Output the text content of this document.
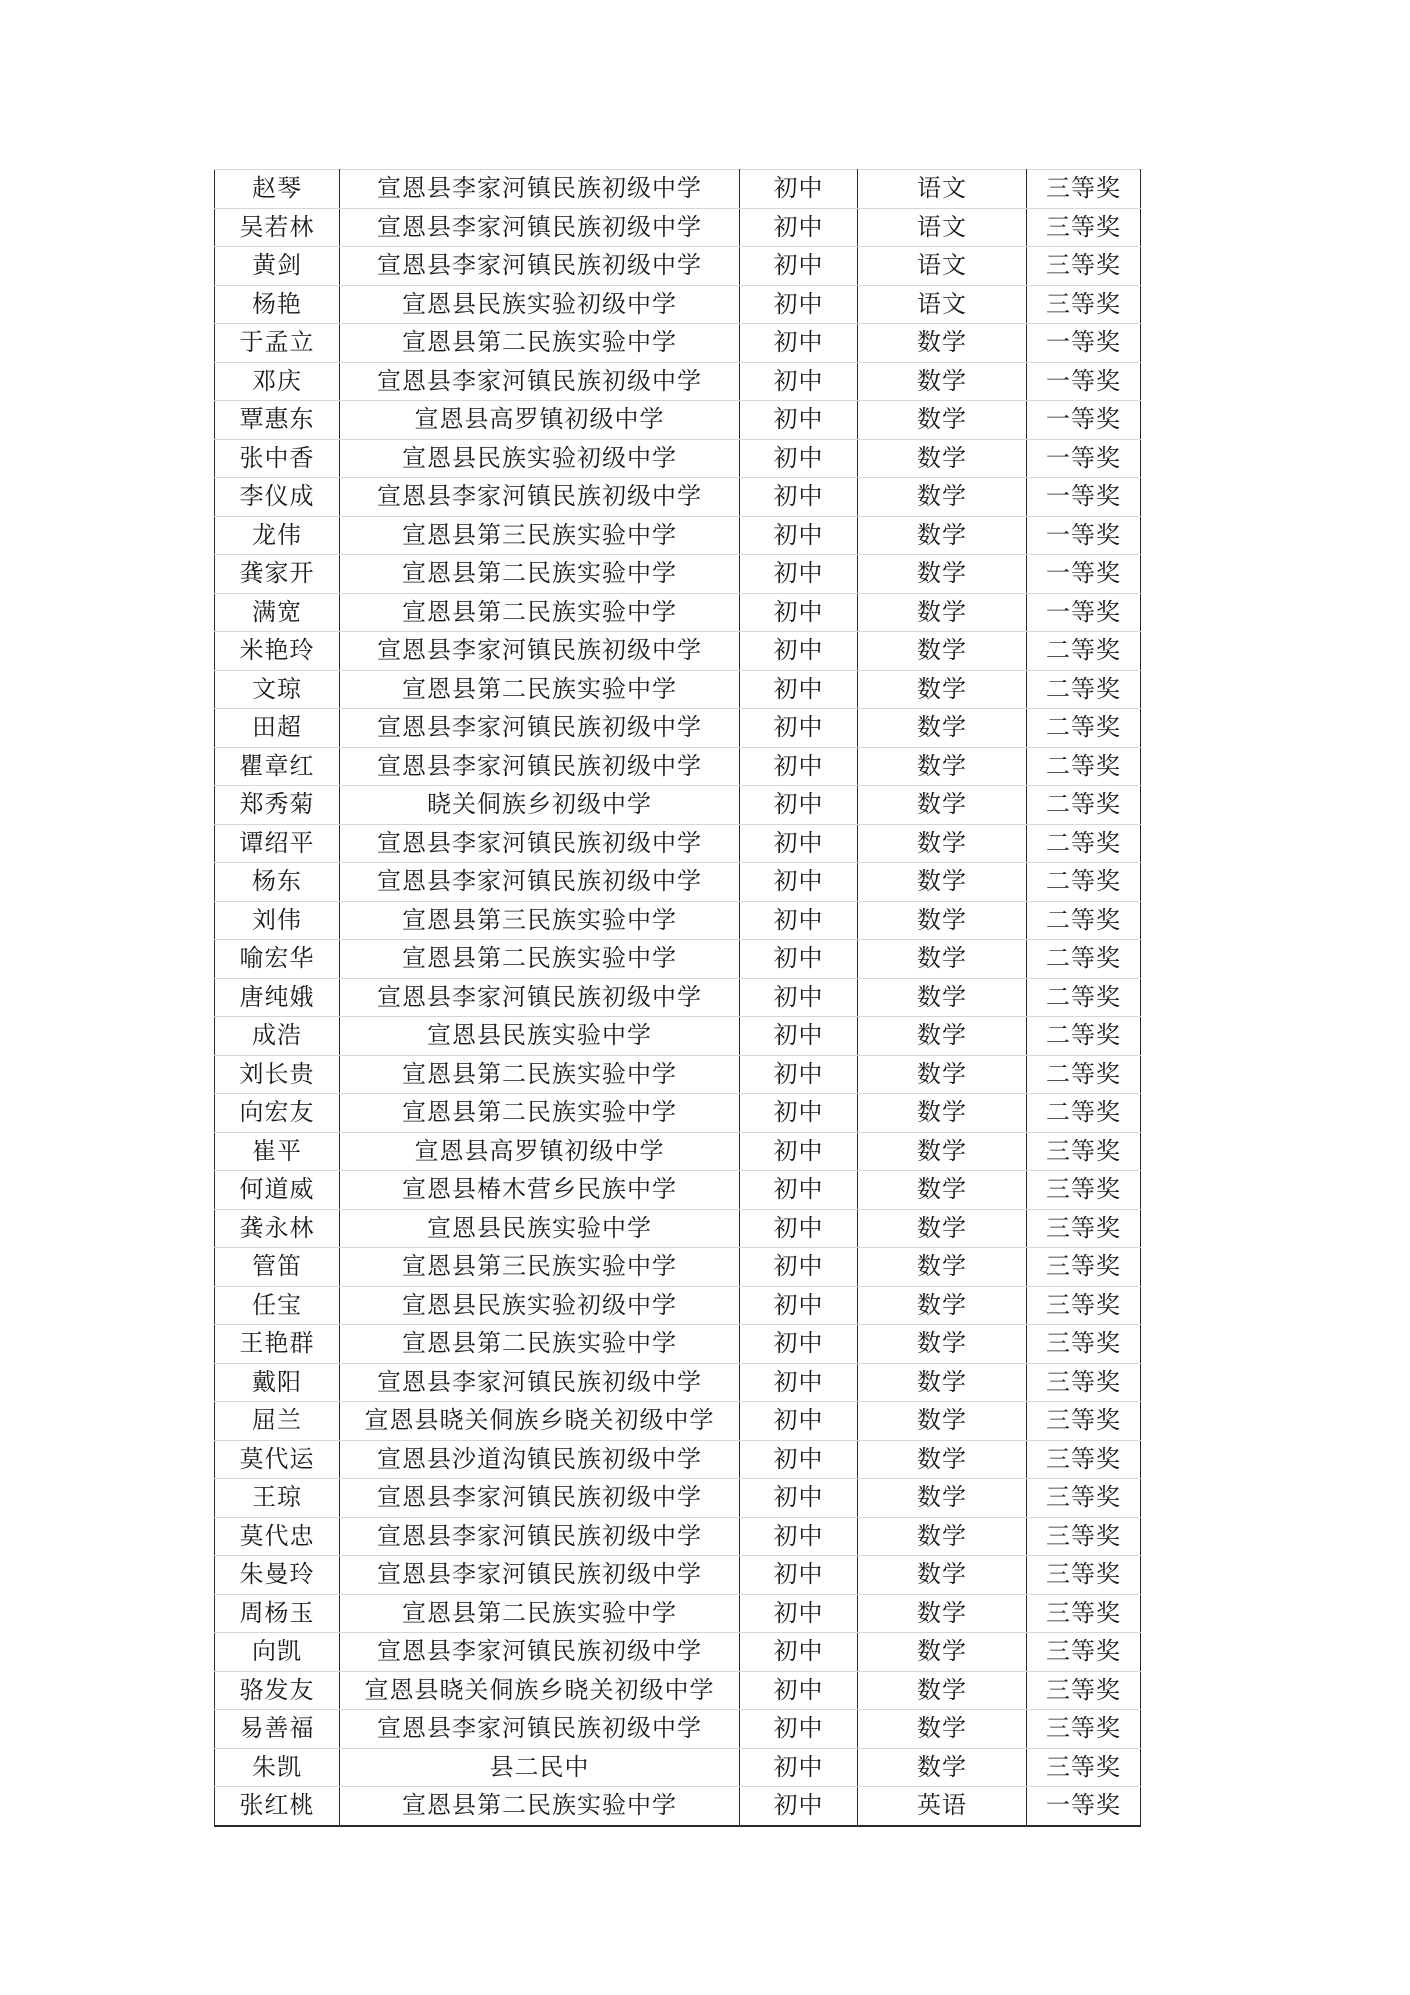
赵琴	宣恩县李家河镇民族初级中学	初中	语文	三等奖
吴若林	宣恩县李家河镇民族初级中学	初中	语文	三等奖
黄剑	宣恩县李家河镇民族初级中学	初中	语文	三等奖
杨艳	宣恩县民族实验初级中学	初中	语文	三等奖
于孟立	宣恩县第二民族实验中学	初中	数学	一等奖
邓庆	宣恩县李家河镇民族初级中学	初中	数学	一等奖
覃惠东	宣恩县高罗镇初级中学	初中	数学	一等奖
张中香	宣恩县民族实验初级中学	初中	数学	一等奖
李仪成	宣恩县李家河镇民族初级中学	初中	数学	一等奖
龙伟	宣恩县第三民族实验中学	初中	数学	一等奖
龚家开	宣恩县第二民族实验中学	初中	数学	一等奖
满宽	宣恩县第二民族实验中学	初中	数学	一等奖
米艳玲	宣恩县李家河镇民族初级中学	初中	数学	二等奖
文琼	宣恩县第二民族实验中学	初中	数学	二等奖
田超	宣恩县李家河镇民族初级中学	初中	数学	二等奖
瞿章红	宣恩县李家河镇民族初级中学	初中	数学	二等奖
郑秀菊	晓关侗族乡初级中学	初中	数学	二等奖
谭绍平	宣恩县李家河镇民族初级中学	初中	数学	二等奖
杨东	宣恩县李家河镇民族初级中学	初中	数学	二等奖
刘伟	宣恩县第三民族实验中学	初中	数学	二等奖
喻宏华	宣恩县第二民族实验中学	初中	数学	二等奖
唐纯娥	宣恩县李家河镇民族初级中学	初中	数学	二等奖
成浩	宣恩县民族实验中学	初中	数学	二等奖
刘长贵	宣恩县第二民族实验中学	初中	数学	二等奖
向宏友	宣恩县第二民族实验中学	初中	数学	二等奖
崔平	宣恩县高罗镇初级中学	初中	数学	三等奖
何道威	宣恩县椿木营乡民族中学	初中	数学	三等奖
龚永林	宣恩县民族实验中学	初中	数学	三等奖
管笛	宣恩县第三民族实验中学	初中	数学	三等奖
任宝	宣恩县民族实验初级中学	初中	数学	三等奖
王艳群	宣恩县第二民族实验中学	初中	数学	三等奖
戴阳	宣恩县李家河镇民族初级中学	初中	数学	三等奖
屈兰	宣恩县晓关侗族乡晓关初级中学	初中	数学	三等奖
莫代运	宣恩县沙道沟镇民族初级中学	初中	数学	三等奖
王琼	宣恩县李家河镇民族初级中学	初中	数学	三等奖
莫代忠	宣恩县李家河镇民族初级中学	初中	数学	三等奖
朱曼玲	宣恩县李家河镇民族初级中学	初中	数学	三等奖
周杨玉	宣恩县第二民族实验中学	初中	数学	三等奖
向凯	宣恩县李家河镇民族初级中学	初中	数学	三等奖
骆发友	宣恩县晓关侗族乡晓关初级中学	初中	数学	三等奖
易善福	宣恩县李家河镇民族初级中学	初中	数学	三等奖
朱凯	县二民中	初中	数学	三等奖
张红桃	宣恩县第二民族实验中学	初中	英语	一等奖
